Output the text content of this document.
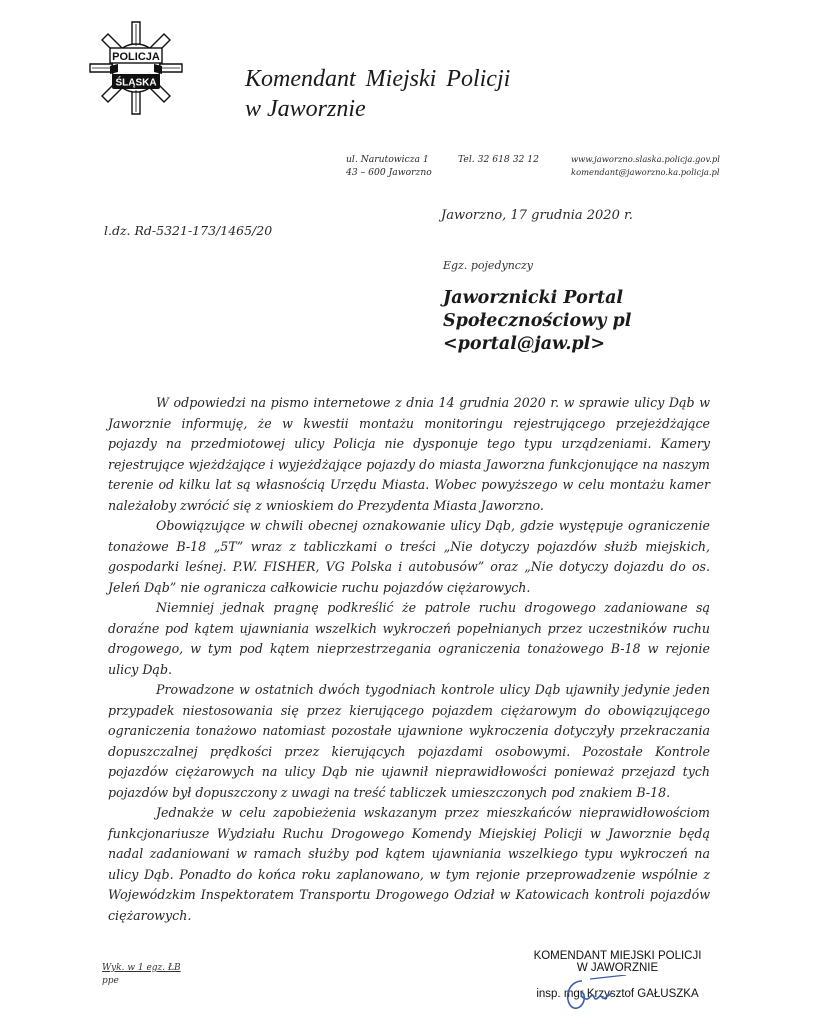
POLICJA
ŚLĄSKA	Komendant Miejski Policji
w Jaworznie
ul. Narutowicza 1
43 – 600 Jaworzno
Tel. 32 618 32 12	www.jaworzno.slaska.policja.gov.pl
komendant@jaworzno.ka.policja.pl
Jaworzno, 17 grudnia 2020 r.
l.dz. Rd-5321-173/1465/20
Egz. pojedynczy
Jaworznicki Portal
Społecznościowy pl
<portal@jaw.pl>

W odpowiedzi na pismo internetowe z dnia 14 grudnia 2020 r. w sprawie ulicy Dąb w Jaworznie informuję, że w kwestii montażu monitoringu rejestrującego przejeżdżające pojazdy na przedmiotowej ulicy Policja nie dysponuje tego typu urządzeniami. Kamery rejestrujące wjeżdżające i wyjeżdżające pojazdy do miasta Jaworzna funkcjonujące na naszym terenie od kilku lat są własnością Urzędu Miasta. Wobec powyższego w celu montażu kamer należałoby zwrócić się z wnioskiem do Prezydenta Miasta Jaworzno.

Obowiązujące w chwili obecnej oznakowanie ulicy Dąb, gdzie występuje ograniczenie tonażowe B-18 „5T” wraz z tabliczkami o treści „Nie dotyczy pojazdów służb miejskich, gospodarki leśnej. P.W. FISHER, VG Polska i autobusów” oraz „Nie dotyczy dojazdu do os. Jeleń Dąb” nie ogranicza całkowicie ruchu pojazdów ciężarowych.

Niemniej jednak pragnę podkreślić że patrole ruchu drogowego zadaniowane są doraźne pod kątem ujawniania wszelkich wykroczeń popełnianych przez uczestników ruchu drogowego, w tym pod kątem nieprzestrzegania ograniczenia tonażowego B-18 w rejonie ulicy Dąb.

Prowadzone w ostatnich dwóch tygodniach kontrole ulicy Dąb ujawniły jedynie jeden przypadek niestosowania się przez kierującego pojazdem ciężarowym do obowiązującego ograniczenia tonażowo natomiast pozostałe ujawnione wykroczenia dotyczyły przekraczania dopuszczalnej prędkości przez kierujących pojazdami osobowymi. Pozostałe Kontrole pojazdów ciężarowych na ulicy Dąb nie ujawnił nieprawidłowości ponieważ przejazd tych pojazdów był dopuszczony z uwagi na treść tabliczek umieszczonych pod znakiem B-18.

Jednakże w celu zapobieżenia wskazanym przez mieszkańców nieprawidłowościom funkcjonariusze Wydziału Ruchu Drogowego Komendy Miejskiej Policji w Jaworznie będą nadal zadaniowani w ramach służby pod kątem ujawniania wszelkiego typu wykroczeń na ulicy Dąb. Ponadto do końca roku zaplanowano, w tym rejonie przeprowadzenie wspólnie z Wojewódzkim Inspektoratem Transportu Drogowego Odział w Katowicach kontroli pojazdów ciężarowych.

Wyk. w 1 egz. ŁB
ppe
KOMENDANT MIEJSKI POLICJI
W JAWORZNIE
insp. mgr Krzysztof GAŁUSZKA
